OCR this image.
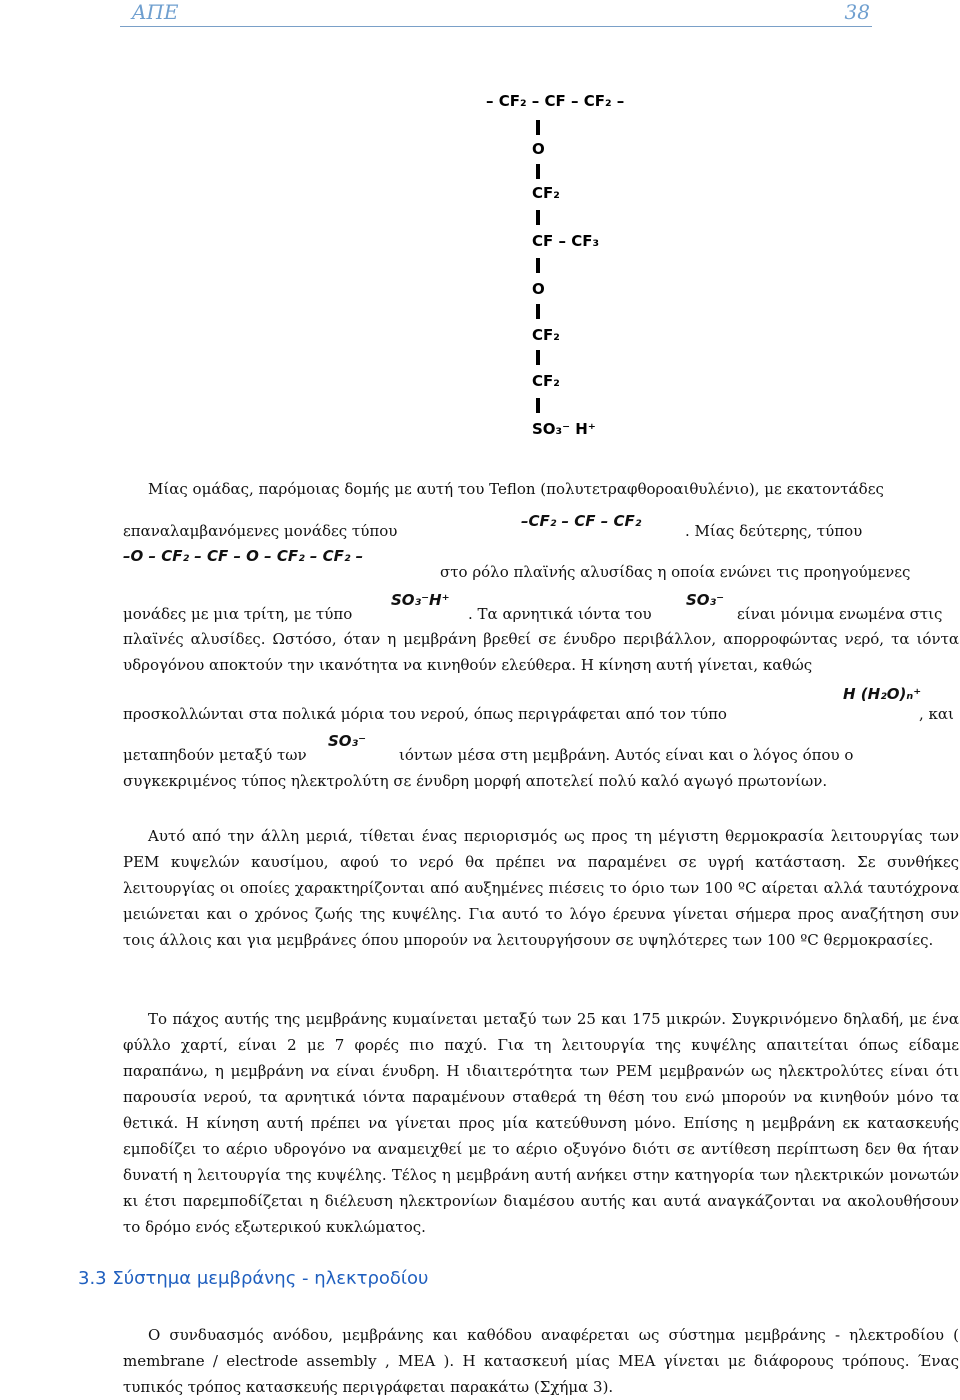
ΑΠΕ	38
– CF₂ – CF – CF₂ –
O
CF₂
CF – CF₃
O
CF₂
CF₂
SO₃⁻ H⁺
Μίας ομάδας, παρόμοιας δομής με αυτή του Teflon (πολυτετραφθοροαιθυλένιο), με εκατοντάδες
επαναλαμβανόμενες μονάδες τύπου
–CF₂ – CF – CF₂
. Μίας δεύτερης, τύπου
–O – CF₂ – CF – O – CF₂ – CF₂ –
στο ρόλο πλαϊνής αλυσίδας η οποία ενώνει τις προηγούμενες
μονάδες με μια τρίτη, με τύπο
SO₃⁻H⁺
. Τα αρνητικά ιόντα του
SO₃⁻
είναι μόνιμα ενωμένα στις

πλαϊνές αλυσίδες. Ωστόσο, όταν η μεμβράνη βρεθεί σε ένυδρο περιβάλλον, απορροφώντας νερό, τα ιόντα υδρογόνου αποκτούν την ικανότητα να κινηθούν ελεύθερα. Η κίνηση αυτή γίνεται, καθώς

προσκολλώνται στα πολικά μόρια του νερού, όπως περιγράφεται από τον τύπο
H (H₂O)ₙ⁺
, και
μεταπηδούν μεταξύ των
SO₃⁻
ιόντων μέσα στη μεμβράνη. Αυτός είναι και ο λόγος όπου ο
συγκεκριμένος τύπος ηλεκτρολύτη σε ένυδρη μορφή αποτελεί πολύ καλό αγωγό πρωτονίων.

Αυτό από την άλλη μεριά, τίθεται ένας περιορισμός ως προς τη μέγιστη θερμοκρασία λειτουργίας των PEM κυψελών καυσίμου, αφού το νερό θα πρέπει να παραμένει σε υγρή κατάσταση. Σε συνθήκες λειτουργίας οι οποίες χαρακτηρίζονται από αυξημένες πιέσεις το όριο των 100 ºC αίρεται αλλά ταυτόχρονα μειώνεται και ο χρόνος ζωής της κυψέλης. Για αυτό το λόγο έρευνα γίνεται σήμερα προς αναζήτηση συν τοις άλλοις και για μεμβράνες όπου μπορούν να λειτουργήσουν σε υψηλότερες των 100 ºC θερμοκρασίες.

Το πάχος αυτής της μεμβράνης κυμαίνεται μεταξύ των 25 και 175 μικρών. Συγκρινόμενο δηλαδή, με ένα φύλλο χαρτί, είναι 2 με 7 φορές πιο παχύ. Για τη λειτουργία της κυψέλης απαιτείται όπως είδαμε παραπάνω, η μεμβράνη να είναι ένυδρη. Η ιδιαιτερότητα των PEM μεμβρανών ως ηλεκτρολύτες είναι ότι παρουσία νερού, τα αρνητικά ιόντα παραμένουν σταθερά τη θέση του ενώ μπορούν να κινηθούν μόνο τα θετικά. Η κίνηση αυτή πρέπει να γίνεται προς μία κατεύθυνση μόνο. Επίσης η μεμβράνη εκ κατασκευής εμποδίζει το αέριο υδρογόνο να αναμειχθεί με το αέριο οξυγόνο διότι σε αντίθεση περίπτωση δεν θα ήταν δυνατή η λειτουργία της κυψέλης. Τέλος η μεμβράνη αυτή ανήκει στην κατηγορία των ηλεκτρικών μονωτών κι έτσι παρεμποδίζεται η διέλευση ηλεκτρονίων διαμέσου αυτής και αυτά αναγκάζονται να ακολουθήσουν το δρόμο ενός εξωτερικού κυκλώματος.

3.3 Σύστημα μεμβράνης - ηλεκτροδίου

Ο συνδυασμός ανόδου, μεμβράνης και καθόδου αναφέρεται ως σύστημα μεμβράνης - ηλεκτροδίου ( membrane / electrode assembly , MEA ). Η κατασκευή μίας MEA γίνεται με διάφορους τρόπους. Ένας τυπικός τρόπος κατασκευής περιγράφεται παρακάτω (Σχήμα 3).
